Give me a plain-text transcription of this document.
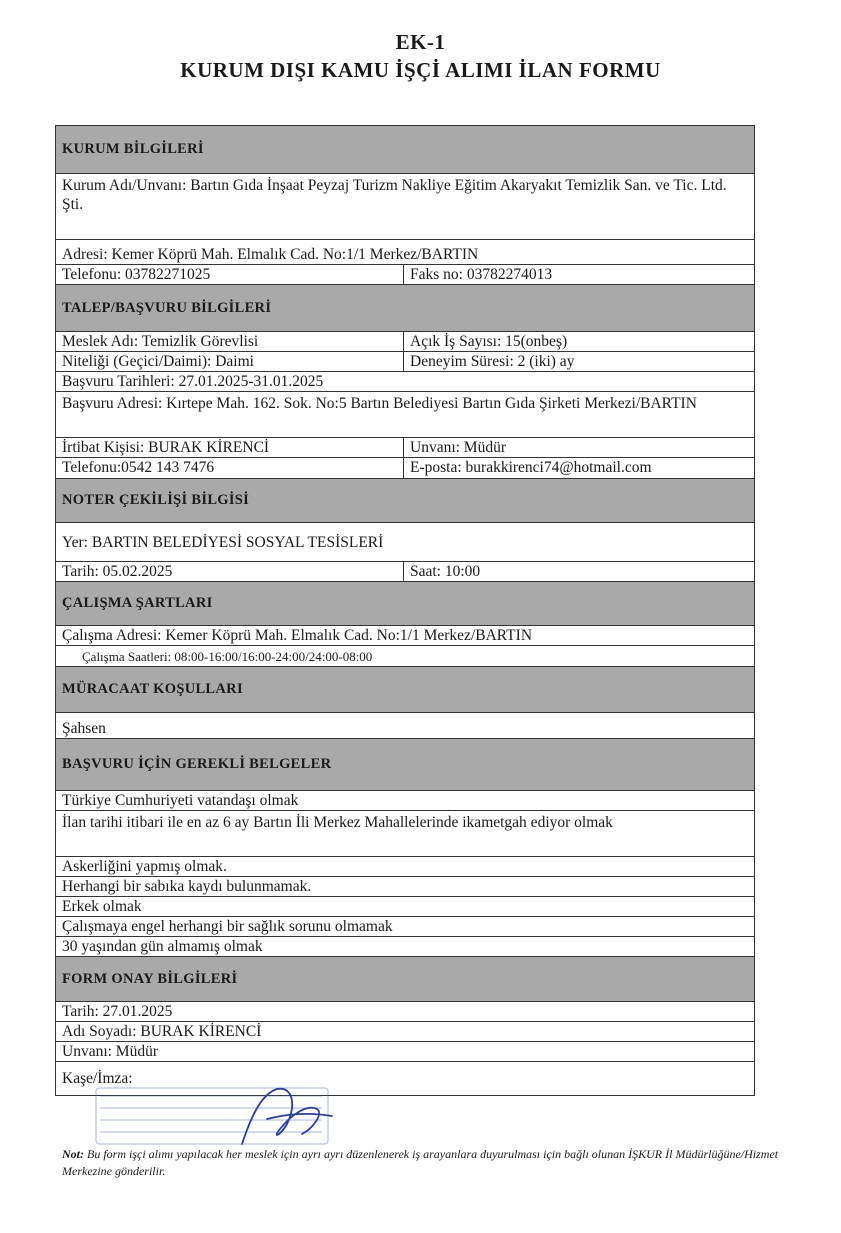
EK-1
KURUM DIŞI KAMU İŞÇİ ALIMI İLAN FORMU
KURUM BİLGİLERİ
Kurum Adı/Unvanı: Bartın Gıda İnşaat Peyzaj Turizm Nakliye Eğitim Akaryakıt Temizlik San. ve Tic. Ltd. Şti.
Adresi: Kemer Köprü Mah. Elmalık Cad. No:1/1 Merkez/BARTIN
Telefonu: 03782271025	Faks no: 03782274013
TALEP/BAŞVURU BİLGİLERİ
Meslek Adı: Temizlik Görevlisi	Açık İş Sayısı: 15(onbeş)
Niteliği (Geçici/Daimi): Daimi	Deneyim Süresi: 2 (iki) ay
Başvuru Tarihleri: 27.01.2025-31.01.2025
Başvuru Adresi: Kırtepe Mah. 162. Sok. No:5 Bartın Belediyesi Bartın Gıda Şirketi Merkezi/BARTIN
İrtibat Kişisi: BURAK KİRENCİ	Unvanı: Müdür
Telefonu:0542 143 7476	E-posta: burakkirenci74@hotmail.com
NOTER ÇEKİLİŞİ BİLGİSİ
Yer: BARTIN BELEDİYESİ SOSYAL TESİSLERİ
Tarih: 05.02.2025	Saat: 10:00
ÇALIŞMA ŞARTLARI
Çalışma Adresi: Kemer Köprü Mah. Elmalık Cad. No:1/1 Merkez/BARTIN
Çalışma Saatleri: 08:00-16:00/16:00-24:00/24:00-08:00
MÜRACAAT KOŞULLARI
Şahsen
BAŞVURU İÇİN GEREKLİ BELGELER
Türkiye Cumhuriyeti vatandaşı olmak
İlan tarihi itibari ile en az 6 ay Bartın İli Merkez Mahallelerinde ikametgah ediyor olmak
Askerliğini yapmış olmak.
Herhangi bir sabıka kaydı bulunmamak.
Erkek olmak
Çalışmaya engel herhangi bir sağlık sorunu olmamak
30 yaşından gün almamış olmak
FORM ONAY BİLGİLERİ
Tarih: 27.01.2025
Adı Soyadı: BURAK KİRENCİ
Unvanı: Müdür
Kaşe/İmza:
Not: Bu form işçi alımı yapılacak her meslek için ayrı ayrı düzenlenerek iş arayanlara duyurulması için bağlı olunan İŞKUR İl Müdürlüğüne/Hizmet Merkezine gönderilir.
